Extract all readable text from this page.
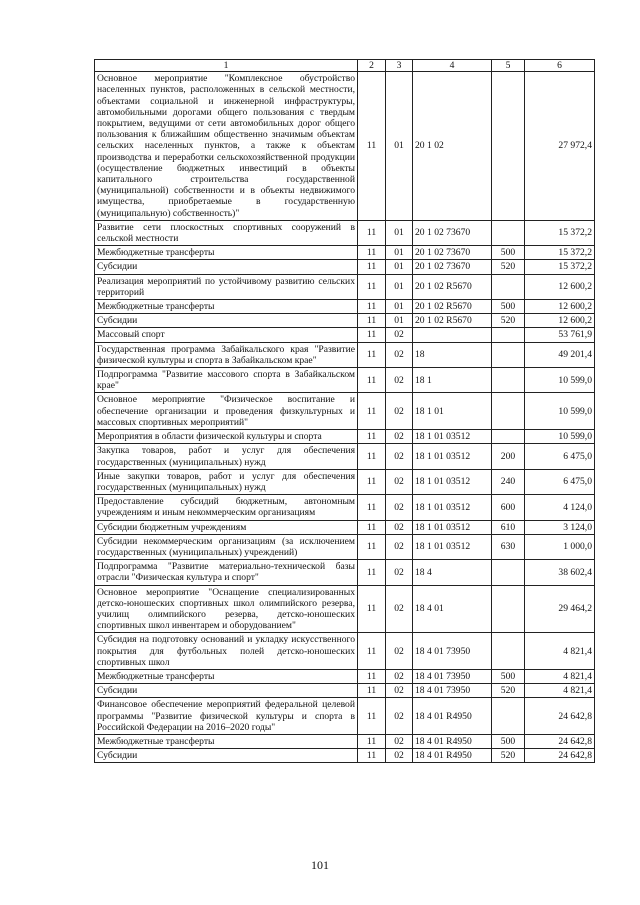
1	2	3	4	5	6
Основное мероприятие "Комплексное обустройство населенных пунктов, расположенных в сельской местности, объектами социальной и инженерной инфраструктуры, автомобильными дорогами общего пользования с твердым покрытием, ведущими от сети автомобильных дорог общего пользования к ближайшим общественно значимым объектам сельских населенных пунктов, а также к объектам производства и переработки сельскохозяйственной продукции (осуществление бюджетных инвестиций в объекты капитального строительства государственной (муниципальной) собственности и в объекты недвижимого имущества, приобретаемые в государственную (муниципальную) собственность)"	11	01	20 1 02		27 972,4
Развитие сети плоскостных спортивных сооружений в сельской местности	11	01	20 1 02 73670		15 372,2
Межбюджетные трансферты	11	01	20 1 02 73670	500	15 372,2
Субсидии	11	01	20 1 02 73670	520	15 372,2
Реализация мероприятий по устойчивому развитию сельских территорий	11	01	20 1 02 R5670		12 600,2
Межбюджетные трансферты	11	01	20 1 02 R5670	500	12 600,2
Субсидии	11	01	20 1 02 R5670	520	12 600,2
Массовый спорт	11	02			53 761,9
Государственная программа Забайкальского края "Развитие физической культуры и спорта в Забайкальском крае"	11	02	18		49 201,4
Подпрограмма "Развитие массового спорта в Забайкальском крае"	11	02	18 1		10 599,0
Основное мероприятие "Физическое воспитание и обеспечение организации и проведения физкультурных и массовых спортивных мероприятий"	11	02	18 1 01		10 599,0
Мероприятия в области физической культуры и спорта	11	02	18 1 01 03512		10 599,0
Закупка товаров, работ и услуг для обеспечения государственных (муниципальных) нужд	11	02	18 1 01 03512	200	6 475,0
Иные закупки товаров, работ и услуг для обеспечения государственных (муниципальных) нужд	11	02	18 1 01 03512	240	6 475,0
Предоставление субсидий бюджетным, автономным учреждениям и иным некоммерческим организациям	11	02	18 1 01 03512	600	4 124,0
Субсидии бюджетным учреждениям	11	02	18 1 01 03512	610	3 124,0
Субсидии некоммерческим организациям (за исключением государственных (муниципальных) учреждений)	11	02	18 1 01 03512	630	1 000,0
Подпрограмма "Развитие материально-технической базы отрасли "Физическая культура и спорт"	11	02	18 4		38 602,4
Основное мероприятие "Оснащение специализированных детско-юношеских спортивных школ олимпийского резерва, училищ олимпийского резерва, детско-юношеских спортивных школ инвентарем и оборудованием"	11	02	18 4 01		29 464,2
Субсидия на подготовку оснований и укладку искусственного покрытия для футбольных полей детско-юношеских спортивных школ	11	02	18 4 01 73950		4 821,4
Межбюджетные трансферты	11	02	18 4 01 73950	500	4 821,4
Субсидии	11	02	18 4 01 73950	520	4 821,4
Финансовое обеспечение мероприятий федеральной целевой программы "Развитие физической культуры и спорта в Российской Федерации на 2016–2020 годы"	11	02	18 4 01 R4950		24 642,8
Межбюджетные трансферты	11	02	18 4 01 R4950	500	24 642,8
Субсидии	11	02	18 4 01 R4950	520	24 642,8
101
